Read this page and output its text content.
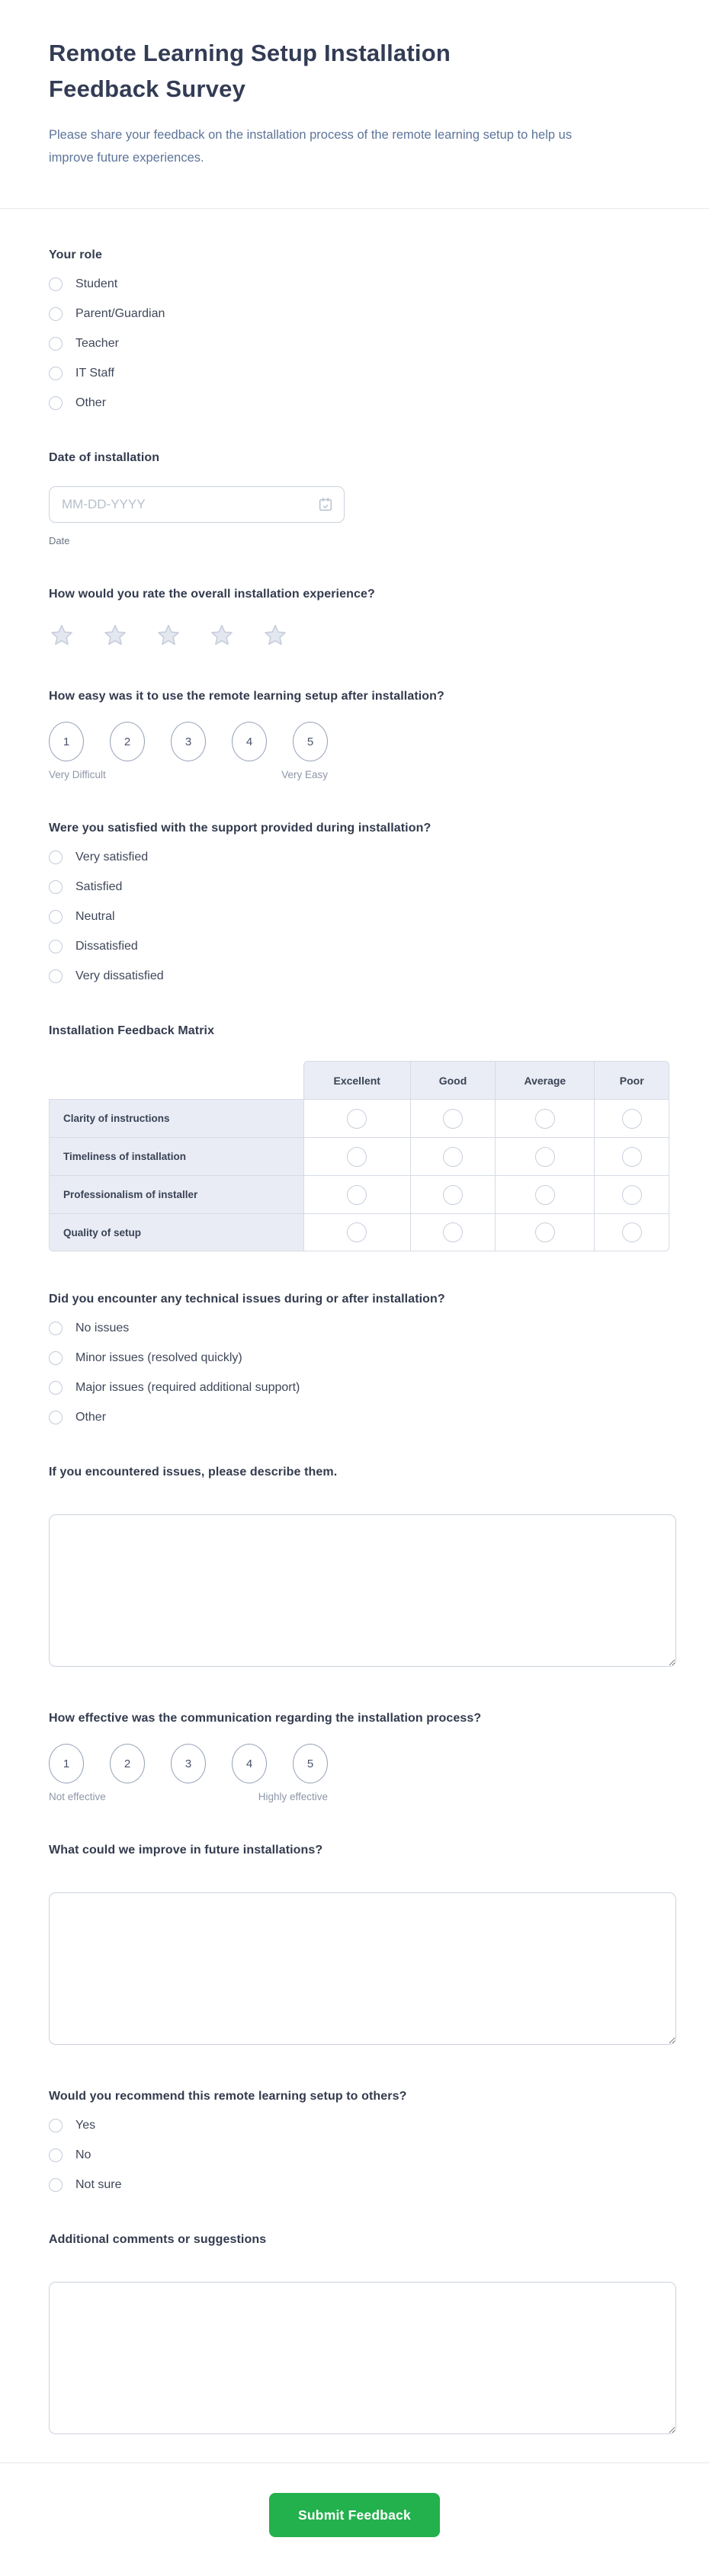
Remote Learning Setup Installation Feedback Survey

Please share your feedback on the installation process of the remote learning setup to help us improve future experiences.

Your role
Student
Parent/Guardian
Teacher
IT Staff
Other
Date of installation
MM-DD-YYYY
Date
How would you rate the overall installation experience?
How easy was it to use the remote learning setup after installation?
1	2	3	4	5
Very Difficult	Very Easy
Were you satisfied with the support provided during installation?
Very satisfied
Satisfied
Neutral
Dissatisfied
Very dissatisfied
Installation Feedback Matrix
	Excellent	Good	Average	Poor
Clarity of instructions				
Timeliness of installation				
Professionalism of installer				
Quality of setup				
Did you encounter any technical issues during or after installation?
No issues
Minor issues (resolved quickly)
Major issues (required additional support)
Other
If you encountered issues, please describe them.
How effective was the communication regarding the installation process?
1	2	3	4	5
Not effective	Highly effective
What could we improve in future installations?
Would you recommend this remote learning setup to others?
Yes
No
Not sure
Additional comments or suggestions
Submit Feedback
